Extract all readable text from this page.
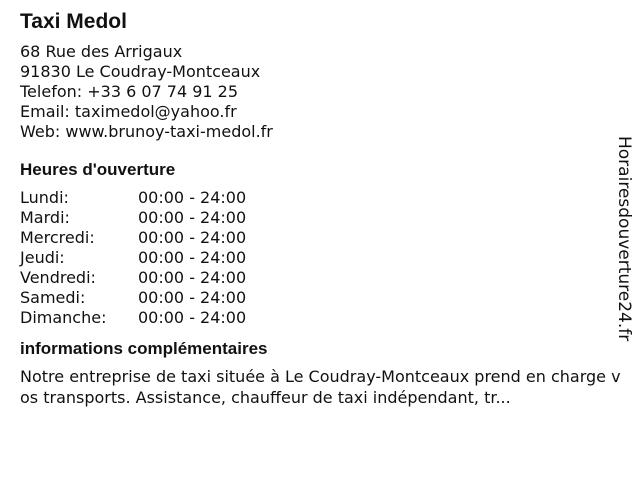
Taxi Medol
68 Rue des Arrigaux
91830 Le Coudray-Montceaux
Telefon: +33 6 07 74 91 25
Email: taximedol@yahoo.fr
Web: www.brunoy-taxi-medol.fr
Heures d'ouverture
Lundi:	00:00 - 24:00
Mardi:	00:00 - 24:00
Mercredi:	00:00 - 24:00
Jeudi:	00:00 - 24:00
Vendredi:	00:00 - 24:00
Samedi:	00:00 - 24:00
Dimanche:	00:00 - 24:00
informations complémentaires
Notre entreprise de taxi située à Le Coudray-Montceaux prend en charge vos transports. Assistance, chauffeur de taxi indépendant, tr...
Horairesdouverture24.fr
